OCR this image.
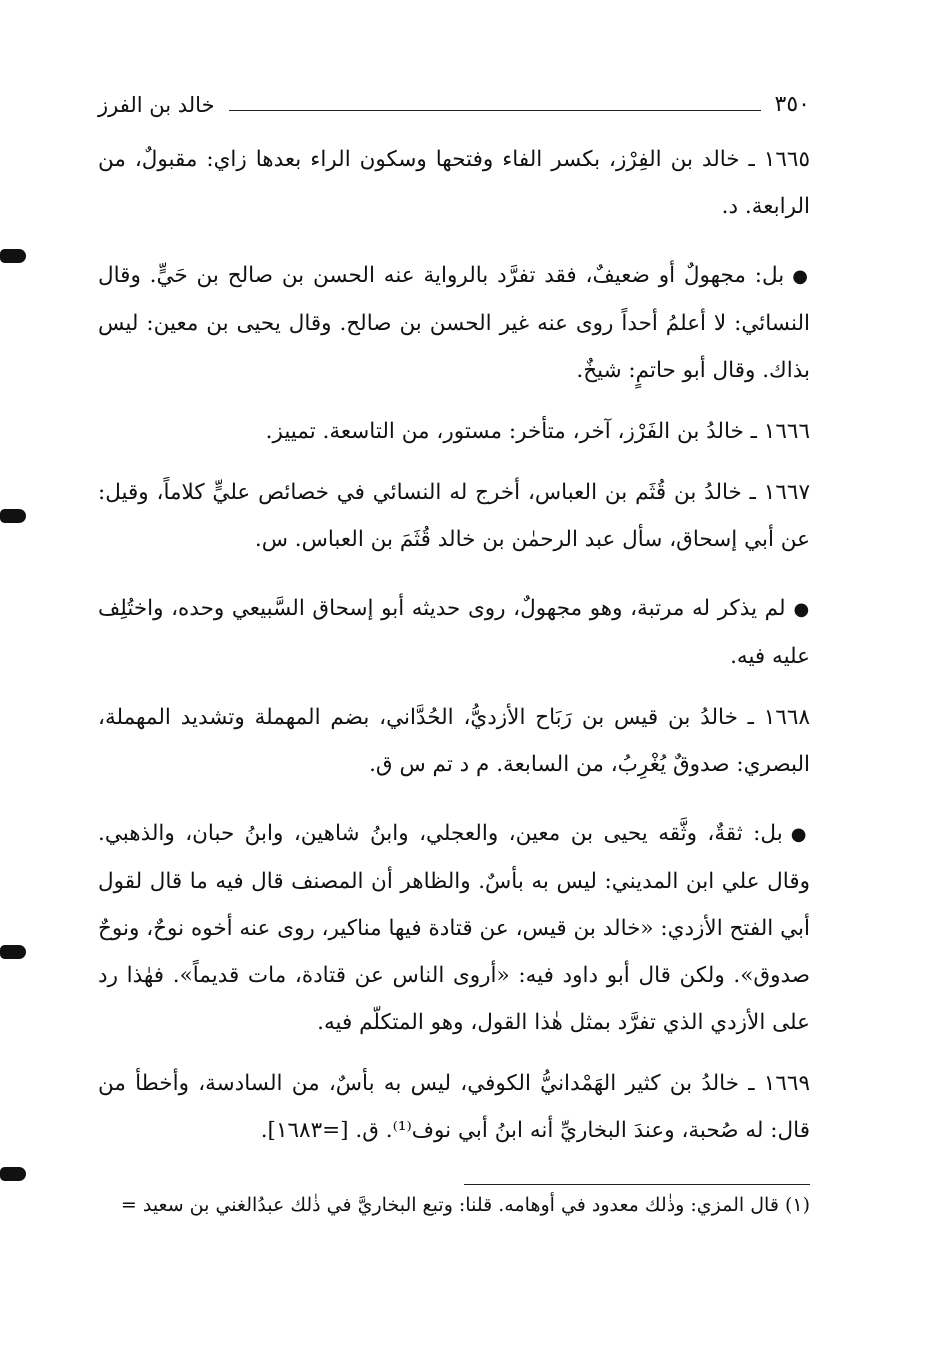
٣٥٠
خالد بن الفرز

١٦٦٥ ـ خالد بن الفِرْز، بكسر الفاء وفتحها وسكون الراء بعدها زاي: مقبولٌ، من الرابعة. د.

●بل: مجهولٌ أو ضعيفٌ، فقد تفرَّد بالرواية عنه الحسن بن صالح بن حَيٍّ. وقال النسائي: لا أعلمُ أحداً روى عنه غير الحسن بن صالح. وقال يحيى بن معين: ليس بذاك. وقال أبو حاتمٍ: شيخٌ.

١٦٦٦ ـ خالدُ بن الفَرْز، آخر، متأخر: مستور، من التاسعة. تمييز.

١٦٦٧ ـ خالدُ بن قُثَم بن العباس، أخرج له النسائي في خصائص عليٍّ كلاماً، وقيل: عن أبي إسحاق، سأل عبد الرحمٰن بن خالد قُثَمَ بن العباس. س.

●لم يذكر له مرتبة، وهو مجهولٌ، روى حديثه أبو إسحاق السَّبيعي وحده، واختُلِف عليه فيه.

١٦٦٨ ـ خالدُ بن قيس بن رَبَاح الأزديُّ، الحُدَّاني، بضم المهملة وتشديد المهملة، البصري: صدوقٌ يُغْرِبُ، من السابعة. م د تم س ق.

●بل: ثقةٌ، وثَّقه يحيى بن معين، والعجلي، وابنُ شاهين، وابنُ حبان، والذهبي. وقال علي ابن المديني: ليس به بأسٌ. والظاهر أن المصنف قال فيه ما قال لقول أبي الفتح الأزدي: «خالد بن قيس، عن قتادة فيها مناكير، روى عنه أخوه نوحٌ، ونوحٌ صدوق». ولكن قال أبو داود فيه: «أروى الناس عن قتادة، مات قديماً». فهٰذا رد على الأزدي الذي تفرَّد بمثل هٰذا القول، وهو المتكلّم فيه.

١٦٦٩ ـ خالدُ بن كثير الهَمْدانيُّ الكوفي، ليس به بأسٌ، من السادسة، وأخطأ من قال: له صُحبة، وعندَ البخاريِّ أنه ابنُ أبي نوف⁽¹⁾. ق. [=١٦٨٣].

(١) قال المزي: وذٰلك معدود في أوهامه. قلنا: وتبع البخاريَّ في ذٰلك عبدُالغني بن سعيد =
